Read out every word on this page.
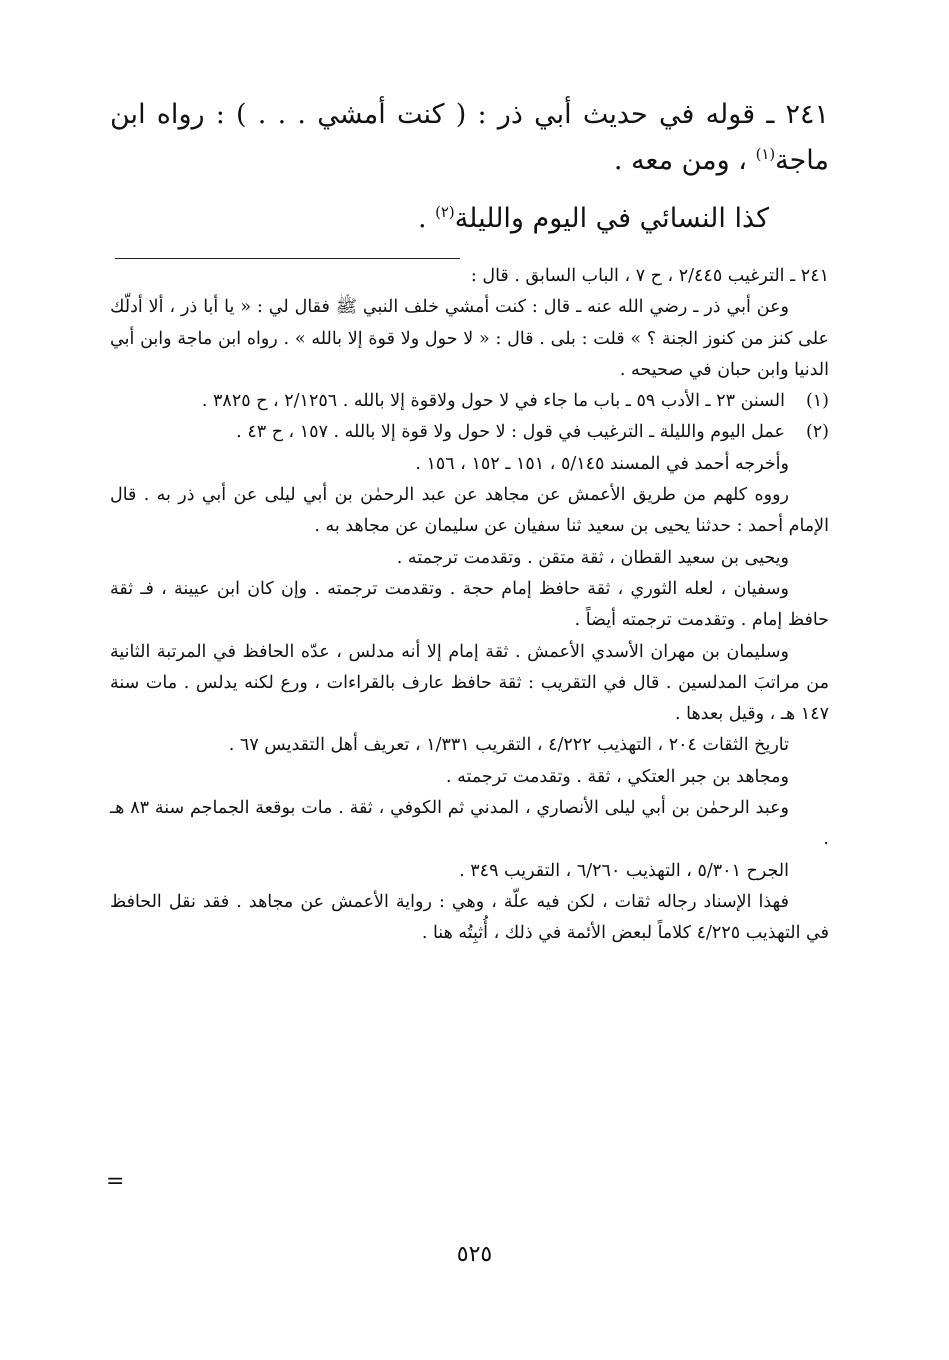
٢٤١ ـ قوله في حديث أبي ذر : ( كنت أمشي . . . ) : رواه ابن ماجة$^{(١)}$ ، ومن معه .

كذا النسائي في اليوم والليلة$^{(٢)}$ .

٢٤١ ـ الترغيب ٢/٤٤٥ ، ح ٧ ، الباب السابق . قال :

وعن أبي ذر ـ رضي الله عنه ـ قال : كنت أمشي خلف النبي ﷺ فقال لي : « يا أبا ذر ، ألا أدلّك على كنز من كنوز الجنة ؟ » قلت : بلى . قال : « لا حول ولا قوة إلا بالله » . رواه ابن ماجة وابن أبي الدنيا وابن حبان في صحيحه .

(١)
السنن ٢٣ ـ الأدب ٥٩ ـ باب ما جاء في لا حول ولاقوة إلا بالله . ٢/١٢٥٦ ، ح ٣٨٢٥ .
(٢)
عمل اليوم والليلة ـ الترغيب في قول : لا حول ولا قوة إلا بالله . ١٥٧ ، ح ٤٣ .

وأخرجه أحمد في المسند ٥/١٤٥ ، ١٥١ ـ ١٥٢ ، ١٥٦ .

رووه كلهم من طريق الأعمش عن مجاهد عن عبد الرحمٰن بن أبي ليلى عن أبي ذر به . قال الإمام أحمد : حدثنا يحيى بن سعيد ثنا سفيان عن سليمان عن مجاهد به .

ويحيى بن سعيد القطان ، ثقة متقن . وتقدمت ترجمته .

وسفيان ، لعله الثوري ، ثقة حافظ إمام حجة . وتقدمت ترجمته . وإن كان ابن عيينة ، فـ ثقة حافظ إمام . وتقدمت ترجمته أيضاً .

وسليمان بن مهران الأسدي الأعمش . ثقة إمام إلا أنه مدلس ، عدّه الحافظ في المرتبة الثانية من مراتبَ المدلسين . قال في التقريب : ثقة حافظ عارف بالقراءات ، ورع لكنه يدلس . مات سنة ١٤٧ هـ ، وقيل بعدها .

تاريخ الثقات ٢٠٤ ، التهذيب ٤/٢٢٢ ، التقريب ١/٣٣١ ، تعريف أهل التقديس ٦٧ .

ومجاهد بن جبر العتكي ، ثقة . وتقدمت ترجمته .

وعبد الرحمٰن بن أبي ليلى الأنصاري ، المدني ثم الكوفي ، ثقة . مات بوقعة الجماجم سنة ٨٣ هـ .

الجرح ٥/٣٠١ ، التهذيب ٦/٢٦٠ ، التقريب ٣٤٩ .

فهذا الإسناد رجاله ثقات ، لكن فيه علّة ، وهي : رواية الأعمش عن مجاهد . فقد نقل الحافظ في التهذيب ٤/٢٢٥ كلاماً لبعض الأئمة في ذلك ، أُثبِتُه هنا .

=
٥٢٥
